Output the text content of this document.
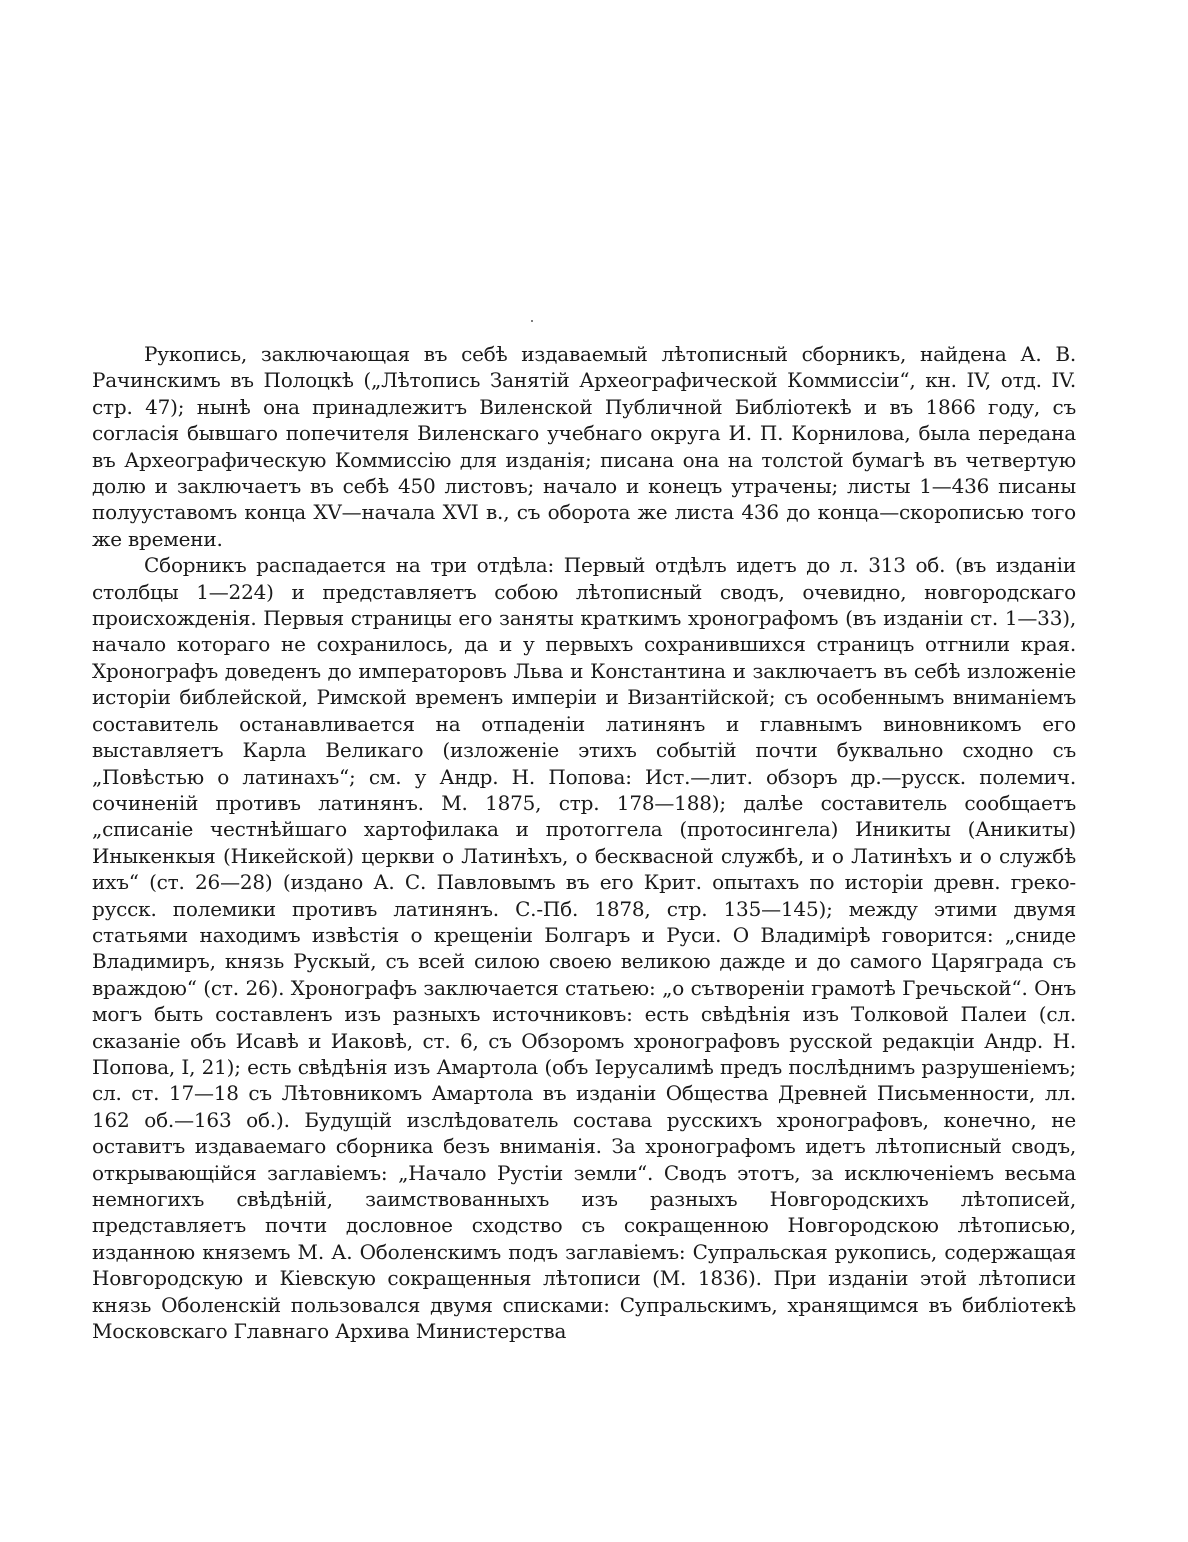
Рукопись, заключающая въ себѣ издаваемый лѣтописный сборникъ, найдена А. В. Рачинскимъ въ Полоцкѣ („Лѣтопись Занятій Археографической Коммиссіи“, кн. IV, отд. IV. стр. 47); нынѣ она принадлежитъ Виленской Публичной Библіотекѣ и въ 1866 году, съ согласія бывшаго попечителя Виленскаго учебнаго округа И. П. Корнилова, была передана въ Археографическую Коммиссію для изданія; писана она на толстой бумагѣ въ четвертую долю и заключаетъ въ себѣ 450 листовъ; начало и конецъ утрачены; листы 1—436 писаны полууставомъ конца XV—начала XVI в., съ оборота же листа 436 до конца—скорописью того же времени.

Сборникъ распадается на три отдѣла: Первый отдѣлъ идетъ до л. 313 об. (въ изданіи столбцы 1—224) и представляетъ собою лѣтописный сводъ, очевидно, новгородскаго происхожденія. Первыя страницы его заняты краткимъ хронографомъ (въ изданіи ст. 1—33), начало котораго не сохранилось, да и у первыхъ сохранившихся страницъ отгнили края. Хронографъ доведенъ до императоровъ Льва и Константина и заключаетъ въ себѣ изложеніе исторіи библейской, Римской временъ имперіи и Византійской; съ особеннымъ вниманіемъ составитель останавливается на отпаденіи латинянъ и главнымъ виновникомъ его выставляетъ Карла Великаго (изложеніе этихъ событій почти буквально сходно съ „Повѣстью о латинахъ“; см. у Андр. Н. Попова: Ист.—лит. обзоръ др.—русск. полемич. сочиненій противъ латинянъ. М. 1875, стр. 178—188); далѣе составитель сообщаетъ „списаніе честнѣйшаго хартофилака и протоггела (протосингела) Иникиты (Аникиты) Иныкенкыя (Никейской) церкви о Латинѣхъ, о бесквасной службѣ, и о Латинѣхъ и о службѣ ихъ“ (ст. 26—28) (издано А. С. Павловымъ въ его Крит. опытахъ по исторіи древн. греко-русск. полемики противъ латинянъ. С.-Пб. 1878, стр. 135—145); между этими двумя статьями находимъ извѣстія о крещеніи Болгаръ и Руси. О Владимірѣ говорится: „сниде Владимиръ, князь Рускый, съ всей силою своею великою дажде и до самого Царяграда съ враждою“ (ст. 26). Хронографъ заключается статьею: „о сътвореніи грамотѣ Гречьской“. Онъ могъ быть составленъ изъ разныхъ источниковъ: есть свѣдѣнія изъ Толковой Палеи (сл. сказаніе объ Исавѣ и Иаковѣ, ст. 6, съ Обзоромъ хронографовъ русской редакціи Андр. Н. Попова, I, 21); есть свѣдѣнія изъ Амартола (объ Іерусалимѣ предъ послѣднимъ разрушеніемъ; сл. ст. 17—18 съ Лѣтовникомъ Амартола въ изданіи Общества Древней Письменности, лл. 162 об.—163 об.). Будущій изслѣдователь состава русскихъ хронографовъ, конечно, не оставитъ издаваемаго сборника безъ вниманія. За хронографомъ идетъ лѣтописный сводъ, открывающійся заглавіемъ: „Начало Рустіи земли“. Сводъ этотъ, за исключеніемъ весьма немногихъ свѣдѣній, заимствованныхъ изъ разныхъ Новгородскихъ лѣтописей, представляетъ почти дословное сходство съ сокращенною Новгородскою лѣтописью, изданною княземъ М. А. Оболенскимъ подъ заглавіемъ: Супральская рукопись, содержащая Новгородскую и Кіевскую сокращенныя лѣтописи (М. 1836). При изданіи этой лѣтописи князь Оболенскій пользовался двумя списками: Супральскимъ, хранящимся въ библіотекѣ Московскаго Главнаго Архива Министерства
